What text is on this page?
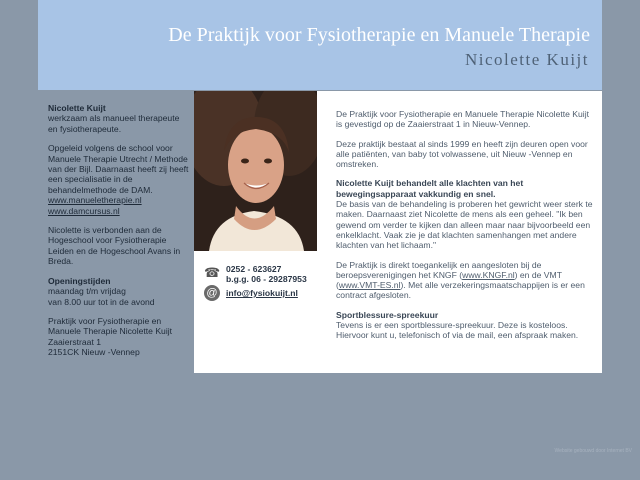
De Praktijk voor Fysiotherapie en Manuele Therapie
Nicolette Kuijt

Nicolette Kuijt
werkzaam als manueel therapeute en fysiotherapeute.

Opgeleid volgens de school voor Manuele Therapie Utrecht / Methode van der Bijl. Daarnaast heeft zij heeft een specialisatie in de behandelmethode de DAM.
www.manueletherapie.nl
www.damcursus.nl

Nicolette is verbonden aan de Hogeschool voor Fysiotherapie Leiden en de Hogeschool Avans in Breda.

Openingstijden
maandag t/m vrijdag
van 8.00 uur tot in de avond

Praktijk voor Fysiotherapie en Manuele Therapie Nicolette Kuijt
Zaaierstraat 1
2151CK Nieuw -Vennep

☎ 0252 - 623627
b.g.g. 06 - 29287953
@ info@fysiokuijt.nl

De Praktijk voor Fysiotherapie en Manuele Therapie Nicolette Kuijt is gevestigd op de Zaaierstraat 1 in Nieuw-Vennep.

Deze praktijk bestaat al sinds 1999 en heeft zijn deuren open voor alle patiënten, van baby tot volwassene, uit Nieuw -Vennep en omstreken.

Nicolette Kuijt behandelt alle klachten van het bewegingsapparaat vakkundig en snel.
De basis van de behandeling is proberen het gewricht weer sterk te maken. Daarnaast ziet Nicolette de mens als een geheel. "Ik ben gewend om verder te kijken dan alleen maar naar bijvoorbeeld een enkelklacht. Vaak zie je dat klachten samenhangen met andere klachten van het lichaam."

De Praktijk is direkt toegankelijk en aangesloten bij de beroepsverenigingen het KNGF (www.KNGF.nl) en de VMT (www.VMT-ES.nl). Met alle verzekeringsmaatschappijen is er een contract afgesloten.

Sportblessure-spreekuur
Tevens is er een sportblessure-spreekuur. Deze is kosteloos. Hiervoor kunt u, telefonisch of via de mail, een afspraak maken.

Website gebouwd door Internet BV
